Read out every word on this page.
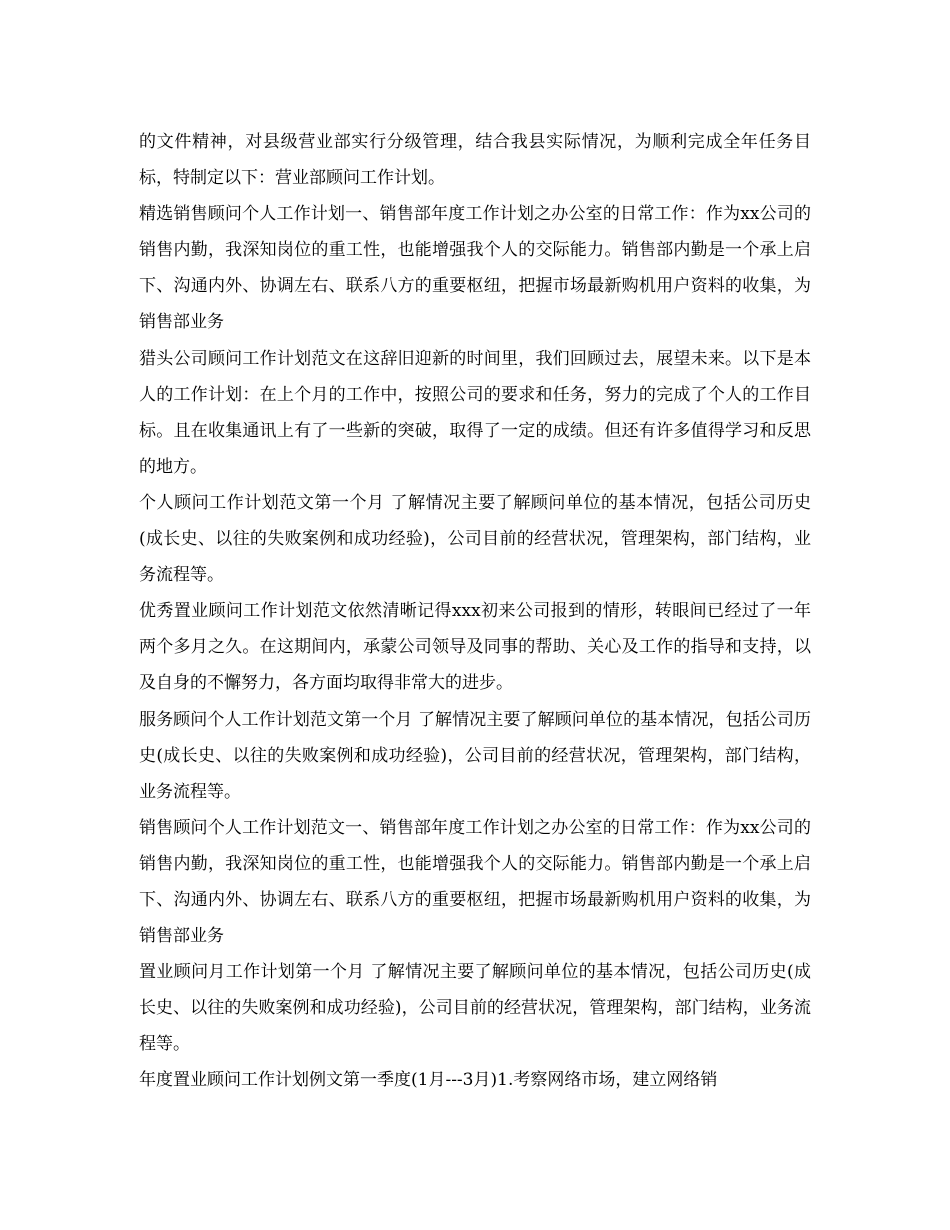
的文件精神，对县级营业部实行分级管理，结合我县实际情况，为顺利完成全年任务目标，特制定以下：营业部顾问工作计划。

精选销售顾问个人工作计划一、销售部年度工作计划之办公室的日常工作：作为xx公司的销售内勤，我深知岗位的重工性，也能增强我个人的交际能力。销售部内勤是一个承上启下、沟通内外、协调左右、联系八方的重要枢纽，把握市场最新购机用户资料的收集，为销售部业务

猎头公司顾问工作计划范文在这辞旧迎新的时间里，我们回顾过去，展望未来。以下是本人的工作计划：在上个月的工作中，按照公司的要求和任务，努力的完成了个人的工作目标。且在收集通讯上有了一些新的突破，取得了一定的成绩。但还有许多值得学习和反思的地方。

个人顾问工作计划范文第一个月 了解情况主要了解顾问单位的基本情况，包括公司历史(成长史、以往的失败案例和成功经验)，公司目前的经营状况，管理架构，部门结构，业务流程等。

优秀置业顾问工作计划范文依然清晰记得xxx初来公司报到的情形，转眼间已经过了一年两个多月之久。在这期间内，承蒙公司领导及同事的帮助、关心及工作的指导和支持，以及自身的不懈努力，各方面均取得非常大的进步。

服务顾问个人工作计划范文第一个月 了解情况主要了解顾问单位的基本情况，包括公司历史(成长史、以往的失败案例和成功经验)，公司目前的经营状况，管理架构，部门结构，业务流程等。

销售顾问个人工作计划范文一、销售部年度工作计划之办公室的日常工作：作为xx公司的销售内勤，我深知岗位的重工性，也能增强我个人的交际能力。销售部内勤是一个承上启下、沟通内外、协调左右、联系八方的重要枢纽，把握市场最新购机用户资料的收集，为销售部业务

置业顾问月工作计划第一个月 了解情况主要了解顾问单位的基本情况，包括公司历史(成长史、以往的失败案例和成功经验)，公司目前的经营状况，管理架构，部门结构，业务流程等。

年度置业顾问工作计划例文第一季度(1月---3月)1.考察网络市场，建立网络销
